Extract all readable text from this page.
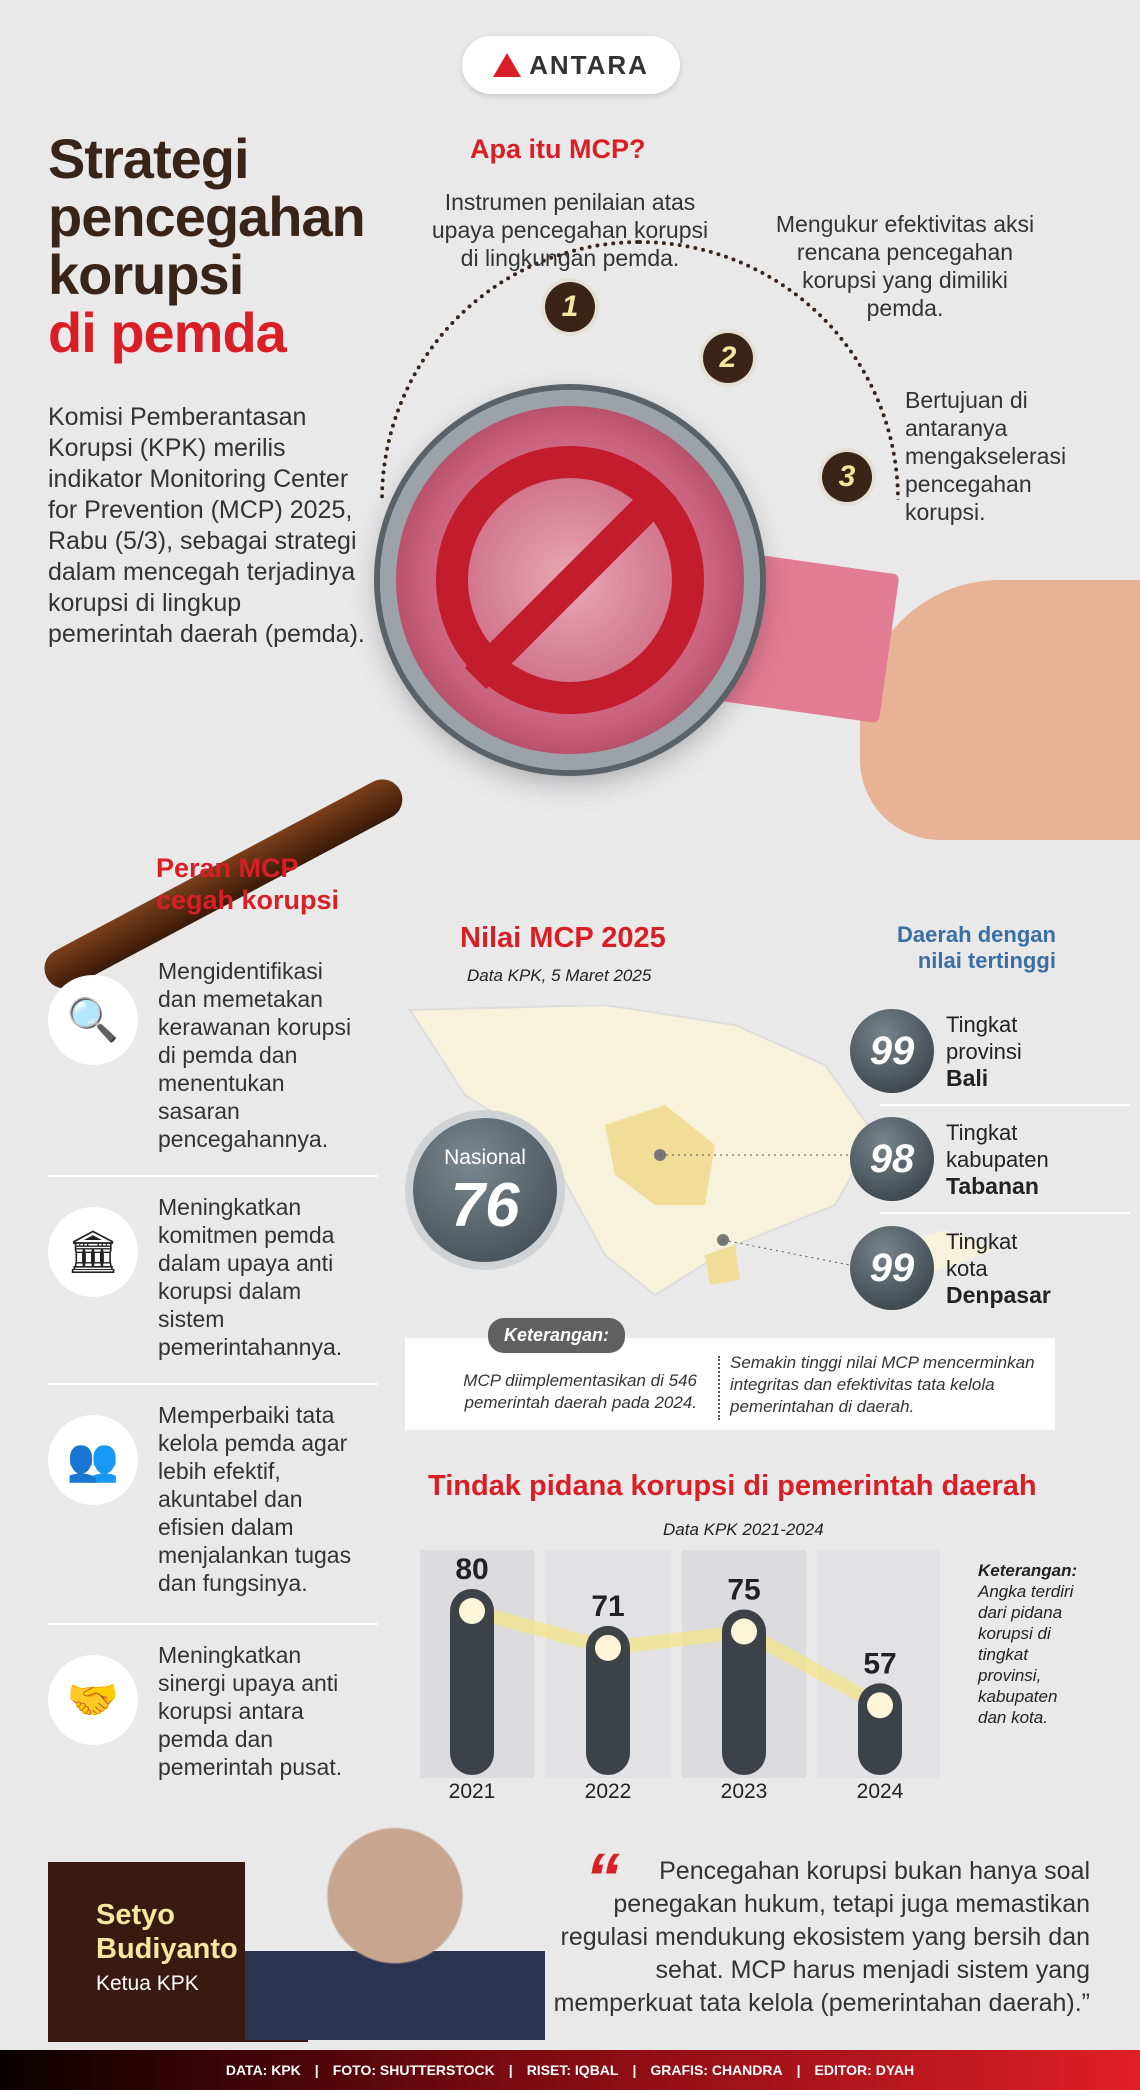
ANTARA
Strategi
pencegahan
korupsi
di pemda
Komisi Pemberantasan Korupsi (KPK) merilis indikator Monitoring Center for Prevention (MCP) 2025, Rabu (5/3), sebagai strategi dalam mencegah terjadinya korupsi di lingkup pemerintah daerah (pemda).
Apa itu MCP?
Instrumen penilaian atas upaya pencegahan korupsi di lingkungan pemda.
1
Mengukur efektivitas aksi rencana pencegahan korupsi yang dimiliki pemda.
2
Bertujuan di antaranya mengakselerasi pencegahan korupsi.
3
Peran MCP
cegah korupsi
🔍
Mengidentifikasi dan memetakan kerawanan korupsi di pemda dan menentukan sasaran pencegahannya.
🏛
Meningkatkan komitmen pemda dalam upaya anti korupsi dalam sistem pemerintahannya.
👥
Memperbaiki tata kelola pemda agar lebih efektif, akuntabel dan efisien dalam menjalankan tugas dan fungsinya.
🤝
Meningkatkan sinergi upaya anti korupsi antara pemda dan pemerintah pusat.
Nilai MCP 2025
Data KPK, 5 Maret 2025
Daerah dengan
nilai tertinggi
Nasional
76
99
Tingkat
provinsi
Bali
98
Tingkat
kabupaten
Tabanan
99
Tingkat
kota
Denpasar
MCP diimplementasikan di 546 pemerintah daerah pada 2024.
Semakin tinggi nilai MCP mencerminkan integritas dan efektivitas tata kelola pemerintahan di daerah.
Keterangan:
Tindak pidana korupsi di pemerintah daerah
Data KPK 2021-2024
80
2021
71
2022
75
2023
57
2024
Keterangan:
Angka terdiri dari pidana korupsi di tingkat provinsi, kabupaten dan kota.
Setyo
Budiyanto
Ketua KPK
Pencegahan korupsi bukan hanya soal penegakan hukum, tetapi juga memastikan regulasi mendukung ekosistem yang bersih dan sehat. MCP harus menjadi sistem yang memperkuat tata kelola (pemerintahan daerah).”
“
DATA: KPK | FOTO: SHUTTERSTOCK | RISET: IQBAL | GRAFIS: CHANDRA | EDITOR: DYAH
